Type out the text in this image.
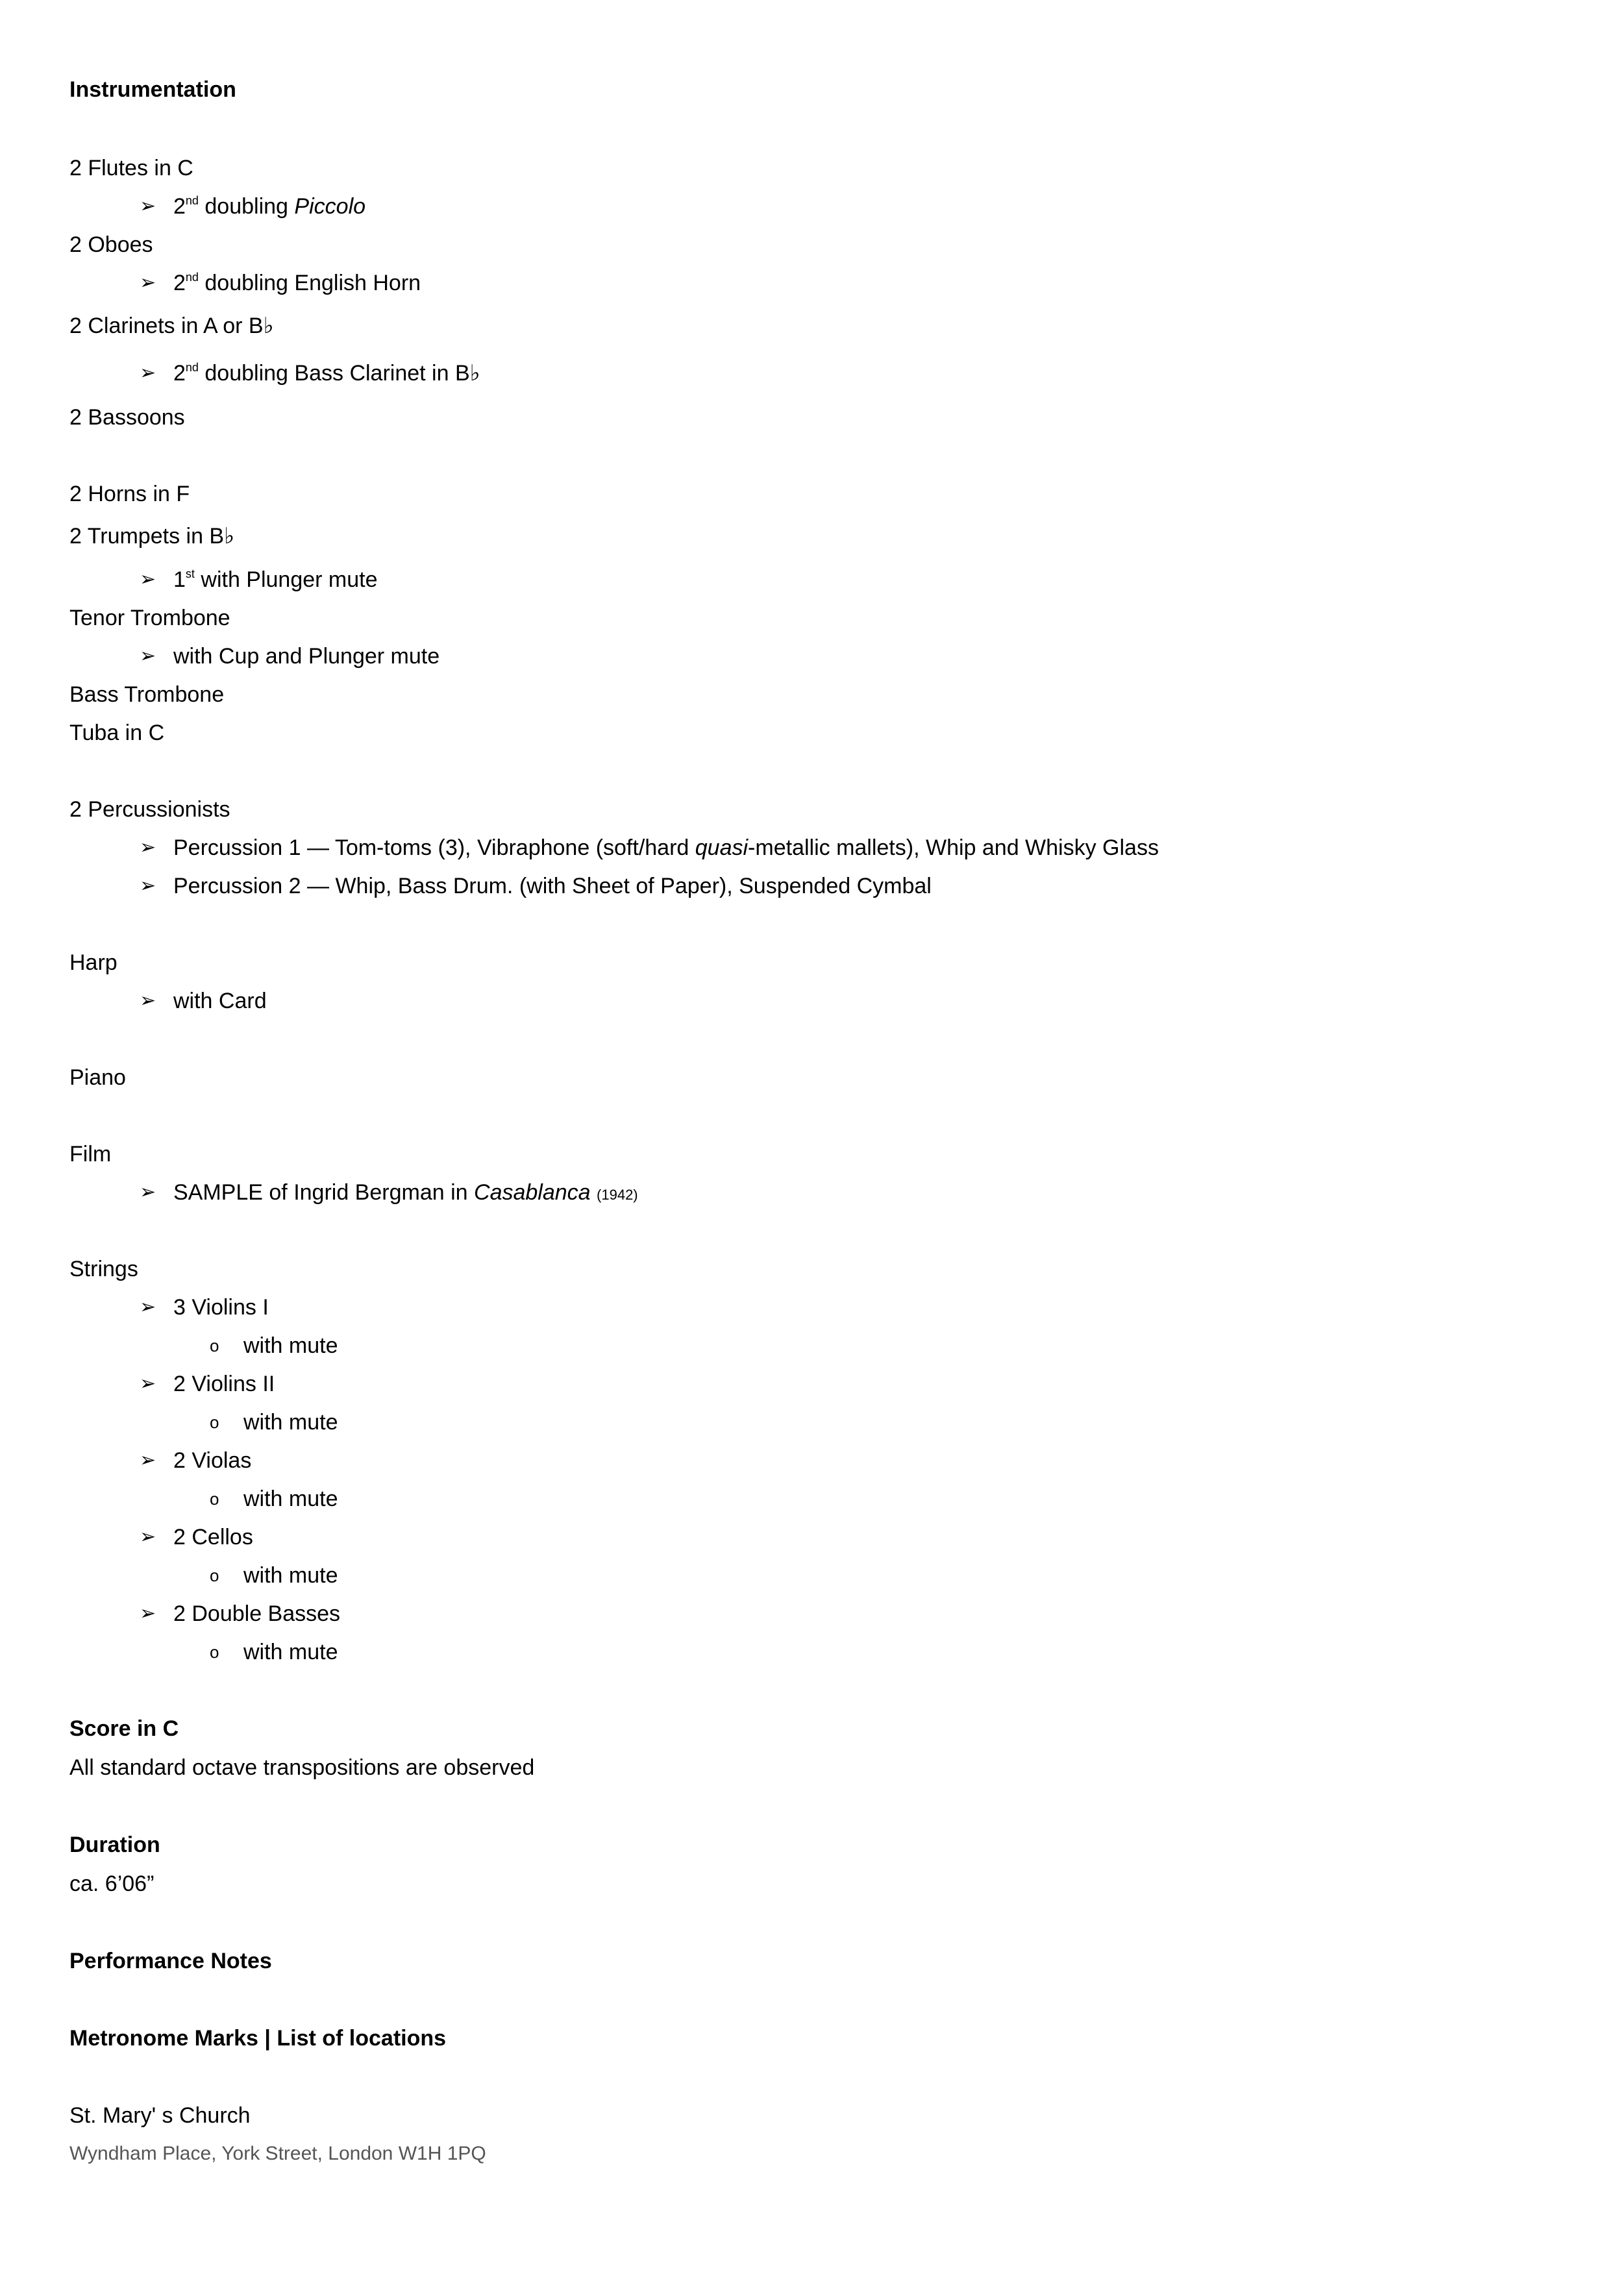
Instrumentation
2 Flutes in C
➢ 2nd doubling Piccolo
2 Oboes
➢ 2nd doubling English Horn
2 Clarinets in A or B♭
➢ 2nd doubling Bass Clarinet in B♭
2 Bassoons
2 Horns in F
2 Trumpets in B♭
➢ 1st with Plunger mute
Tenor Trombone
➢ with Cup and Plunger mute
Bass Trombone
Tuba in C
2 Percussionists
➢ Percussion 1 — Tom-toms (3), Vibraphone (soft/hard quasi-metallic mallets), Whip and Whisky Glass
➢ Percussion 2 — Whip, Bass Drum. (with Sheet of Paper), Suspended Cymbal
Harp
➢ with Card
Piano
Film
➢ SAMPLE of Ingrid Bergman in Casablanca (1942)
Strings
➢ 3 Violins I
o with mute
➢ 2 Violins II
o with mute
➢ 2 Violas
o with mute
➢ 2 Cellos
o with mute
➢ 2 Double Basses
o with mute
Score in C
All standard octave transpositions are observed
Duration
ca. 6’06”
Performance Notes
Metronome Marks | List of locations
St. Mary' s Church
Wyndham Place, York Street, London W1H 1PQ
